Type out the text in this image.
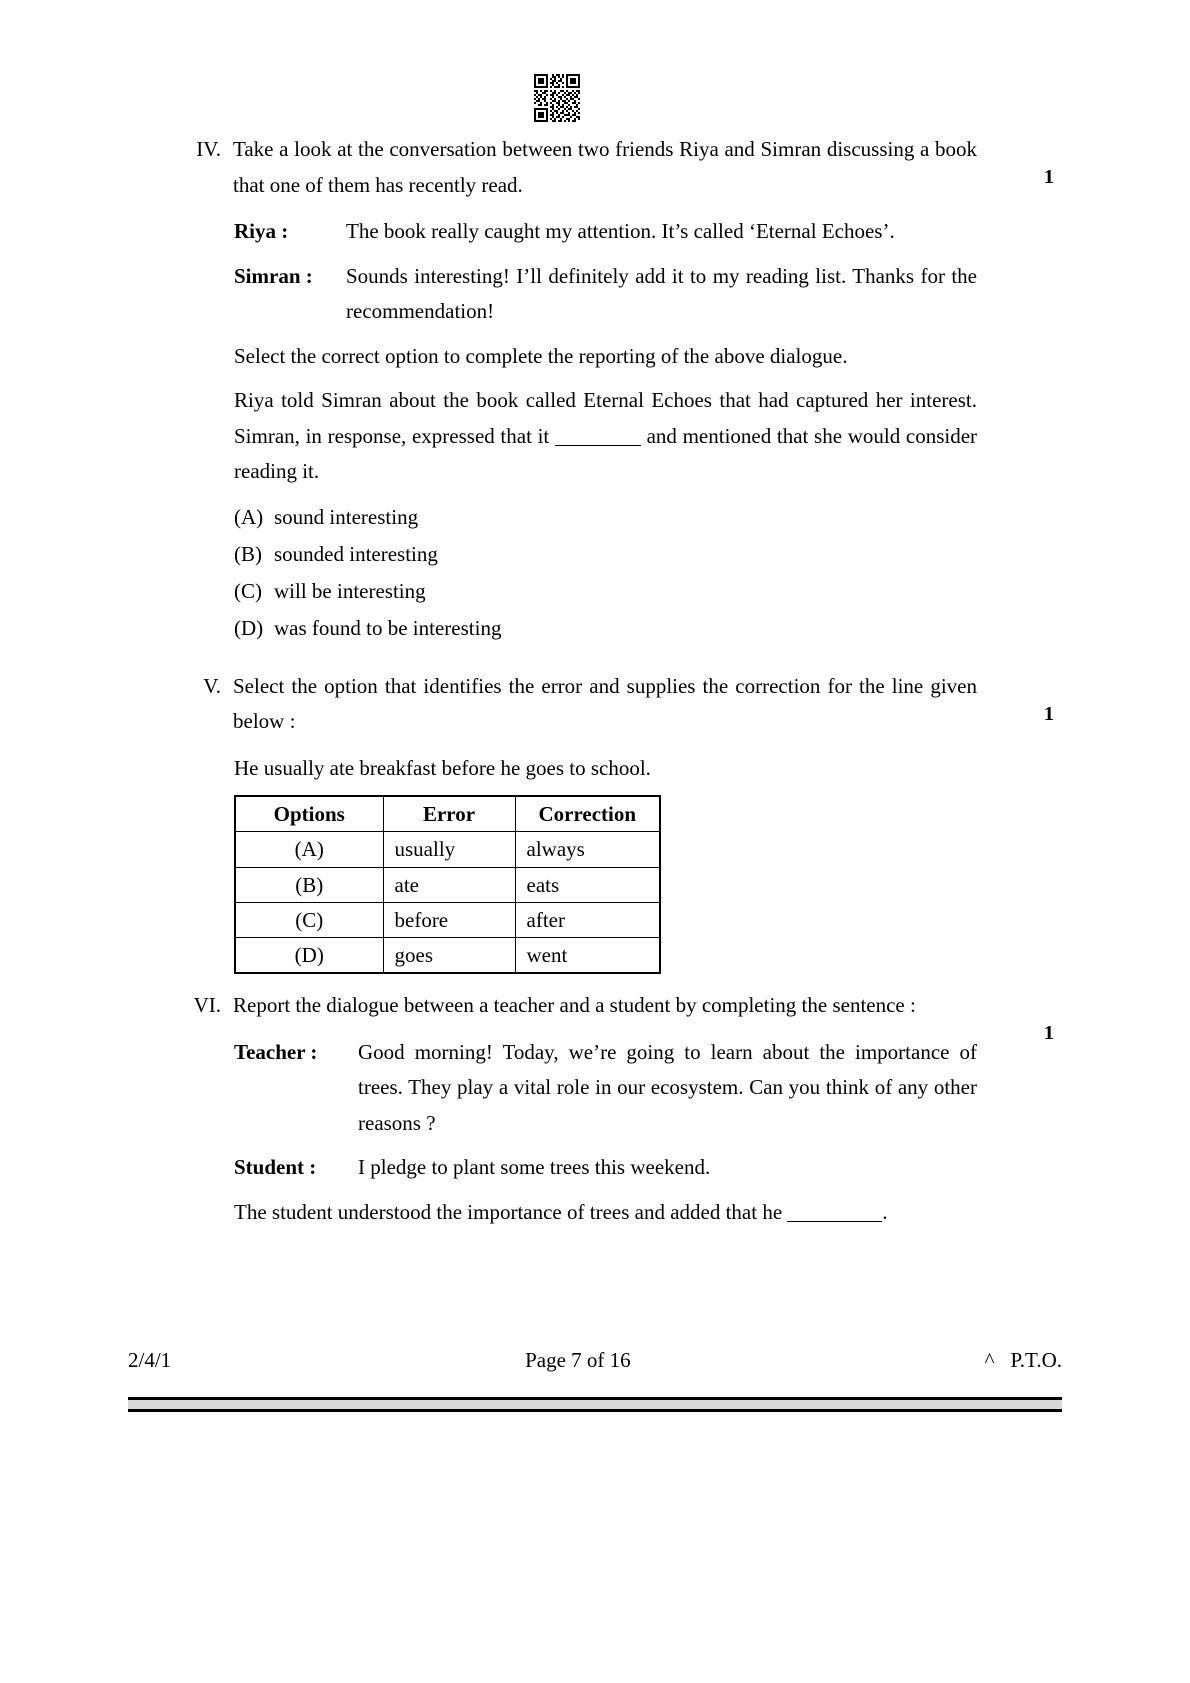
IV. Take a look at the conversation between two friends Riya and Simran discussing a book that one of them has recently read.	1
Riya :	The book really caught my attention. It’s called ‘Eternal Echoes’.
Simran :	Sounds interesting! I’ll definitely add it to my reading list. Thanks for the recommendation!

Select the correct option to complete the reporting of the above dialogue.

Riya told Simran about the book called Eternal Echoes that had captured her interest. Simran, in response, expressed that it	and mentioned that she would consider reading it.

(A) sound interesting
(B) sounded interesting
(C) will be interesting
(D) was found to be interesting
V. Select the option that identifies the error and supplies the correction for the line given below :	1

He usually ate breakfast before he goes to school.

Options	Error	Correction
(A)	usually	always
(B)	ate	eats
(C)	before	after
(D)	goes	went
VI. Report the dialogue between a teacher and a student by completing the sentence :

1
Teacher :	Good morning! Today, we’re going to learn about the importance of trees. They play a vital role in our ecosystem. Can you think of any other reasons ?
Student :	I pledge to plant some trees this weekend.

The student understood the importance of trees and added that he	.

2/4/1	Page 7 of 16	^ P.T.O.
